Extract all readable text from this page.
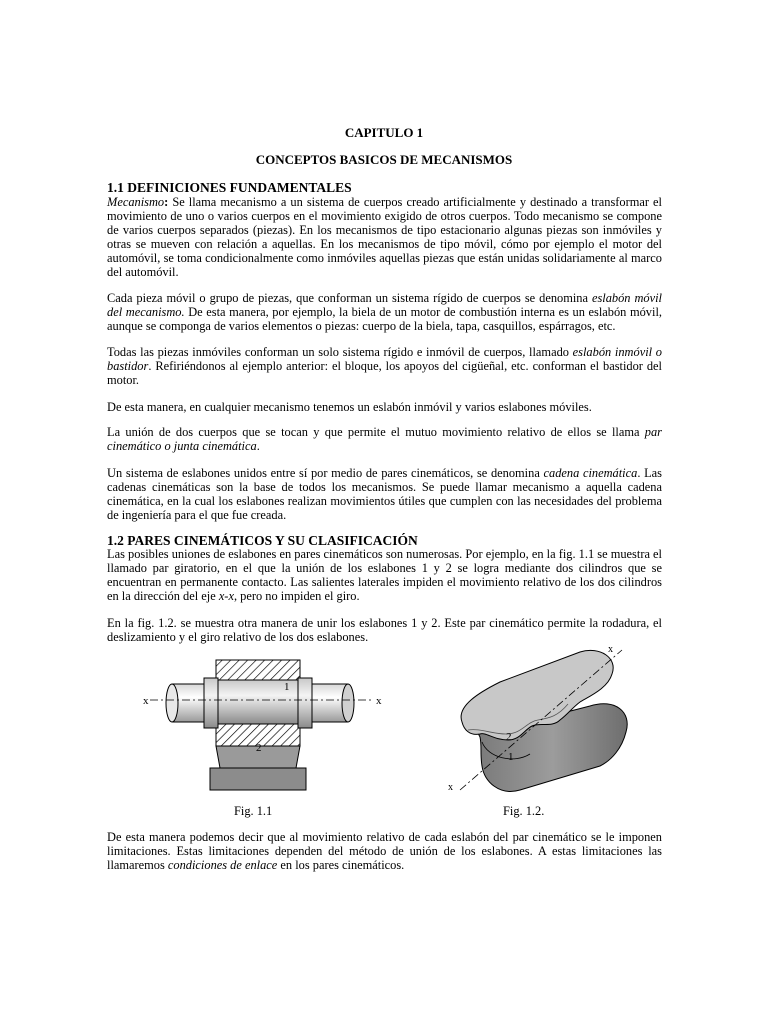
CAPITULO 1
CONCEPTOS BASICOS DE MECANISMOS
1.1 DEFINICIONES FUNDAMENTALES

Mecanismo: Se llama mecanismo a un sistema de cuerpos creado artificialmente y destinado a transformar el movimiento de uno o varios cuerpos en el movimiento exigido de otros cuerpos. Todo mecanismo se compone de varios cuerpos separados (piezas). En los mecanismos de tipo estacionario algunas piezas son inmóviles y otras se mueven con relación a aquellas. En los mecanismos de tipo móvil, cómo por ejemplo el motor del automóvil, se toma condicionalmente como inmóviles aquellas piezas que están unidas solidariamente al marco del automóvil.

Cada pieza móvil o grupo de piezas, que conforman un sistema rígido de cuerpos se denomina eslabón móvil del mecanismo. De esta manera, por ejemplo, la biela de un motor de combustión interna es un eslabón móvil, aunque se componga de varios elementos o piezas: cuerpo de la biela, tapa, casquillos, espárragos, etc.

Todas las piezas inmóviles conforman un solo sistema rígido e inmóvil de cuerpos, llamado eslabón inmóvil o bastidor. Refiriéndonos al ejemplo anterior: el bloque, los apoyos del cigüeñal, etc. conforman el bastidor del motor.

De esta manera, en cualquier mecanismo tenemos un eslabón inmóvil y varios eslabones móviles.

La unión de dos cuerpos que se tocan y que permite el mutuo movimiento relativo de ellos se llama par cinemático o junta cinemática.

Un sistema de eslabones unidos entre sí por medio de pares cinemáticos, se denomina cadena cinemática. Las cadenas cinemáticas son la base de todos los mecanismos. Se puede llamar mecanismo a aquella cadena cinemática, en la cual los eslabones realizan movimientos útiles que cumplen con las necesidades del problema de ingeniería para el que fue creada.

1.2 PARES CINEMÁTICOS Y SU CLASIFICACIÓN

Las posibles uniones de eslabones en pares cinemáticos son numerosas. Por ejemplo, en la fig. 1.1 se muestra el llamado par giratorio, en el que la unión de los eslabones 1 y 2 se logra mediante dos cilindros que se encuentran en permanente contacto. Las salientes laterales impiden el movimiento relativo de los dos cilindros en la dirección del eje x-x, pero no impiden el giro.

En la fig. 1.2. se muestra otra manera de unir los eslabones 1 y 2. Este par cinemático permite la rodadura, el deslizamiento y el giro relativo de los dos eslabones.

x	x
1
2
Fig. 1.1
x
x
2
1
Fig. 1.2.

De esta manera podemos decir que al movimiento relativo de cada eslabón del par cinemático se le imponen limitaciones. Estas limitaciones dependen del método de unión de los eslabones. A estas limitaciones las llamaremos condiciones de enlace en los pares cinemáticos.
